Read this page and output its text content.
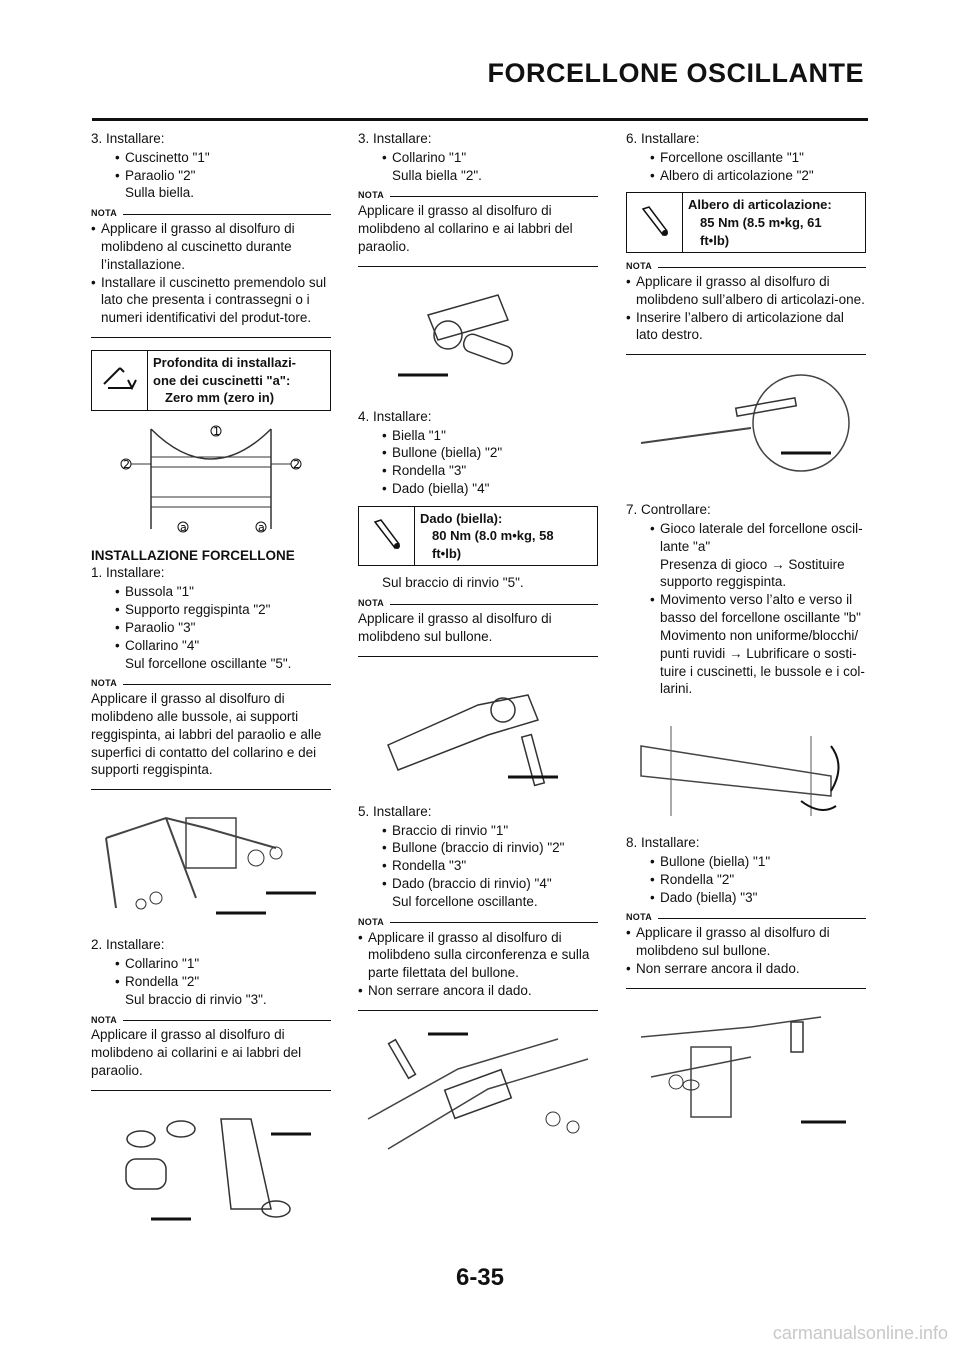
FORCELLONE OSCILLANTE
3. Installare:
• Cuscinetto "1"
• Paraolio "2"
Sulla biella.
NOTA
• Applicare il grasso al disolfuro di molibdeno al cuscinetto durante l’installazione.
• Installare il cuscinetto premendolo sul lato che presenta i contrassegni o i numeri identificativi del produt-tore.
Profondita di installazi-
one dei cuscinetti "a":
Zero mm (zero in)
1
2	2
a	a
INSTALLAZIONE FORCELLONE
1. Installare:
• Bussola "1"
• Supporto reggispinta "2"
• Paraolio "3"
• Collarino "4"
Sul forcellone oscillante "5".
NOTA

Applicare il grasso al disolfuro di molibdeno alle bussole, ai supporti reggispinta, ai labbri del paraolio e alle superfici di contatto del collarino e dei supporti reggispinta.

2. Installare:
• Collarino "1"
• Rondella "2"
Sul braccio di rinvio "3".
NOTA

Applicare il grasso al disolfuro di molibdeno ai collarini e ai labbri del paraolio.

3. Installare:
• Collarino "1"
Sulla biella "2".
NOTA

Applicare il grasso al disolfuro di molibdeno al collarino e ai labbri del paraolio.

4. Installare:
• Biella "1"
• Bullone (biella) "2"
• Rondella "3"
• Dado (biella) "4"
Dado (biella):
80 Nm (8.0 m•kg, 58
ft•lb)
Sul braccio di rinvio "5".
NOTA

Applicare il grasso al disolfuro di molibdeno sul bullone.

5. Installare:
• Braccio di rinvio "1"
• Bullone (braccio di rinvio) "2"
• Rondella "3"
• Dado (braccio di rinvio) "4"
Sul forcellone oscillante.
NOTA
• Applicare il grasso al disolfuro di molibdeno sulla circonferenza e sulla parte filettata del bullone.
• Non serrare ancora il dado.
6. Installare:
• Forcellone oscillante "1"
• Albero di articolazione "2"
Albero di articolazione:
85 Nm (8.5 m•kg, 61
ft•lb)
NOTA
• Applicare il grasso al disolfuro di molibdeno sull’albero di articolazi-one.
• Inserire l’albero di articolazione dal lato destro.
7. Controllare:
• Gioco laterale del forcellone oscil-lante "a"
Presenza di gioco → Sostituire supporto reggispinta.
• Movimento verso l’alto e verso il basso del forcellone oscillante "b"
Movimento non uniforme/blocchi/ punti ruvidi → Lubrificare o sosti-tuire i cuscinetti, le bussole e i col-larini.
8. Installare:
• Bullone (biella) "1"
• Rondella "2"
• Dado (biella) "3"
NOTA
• Applicare il grasso al disolfuro di molibdeno sul bullone.
• Non serrare ancora il dado.
6-35
carmanualsonline.info
